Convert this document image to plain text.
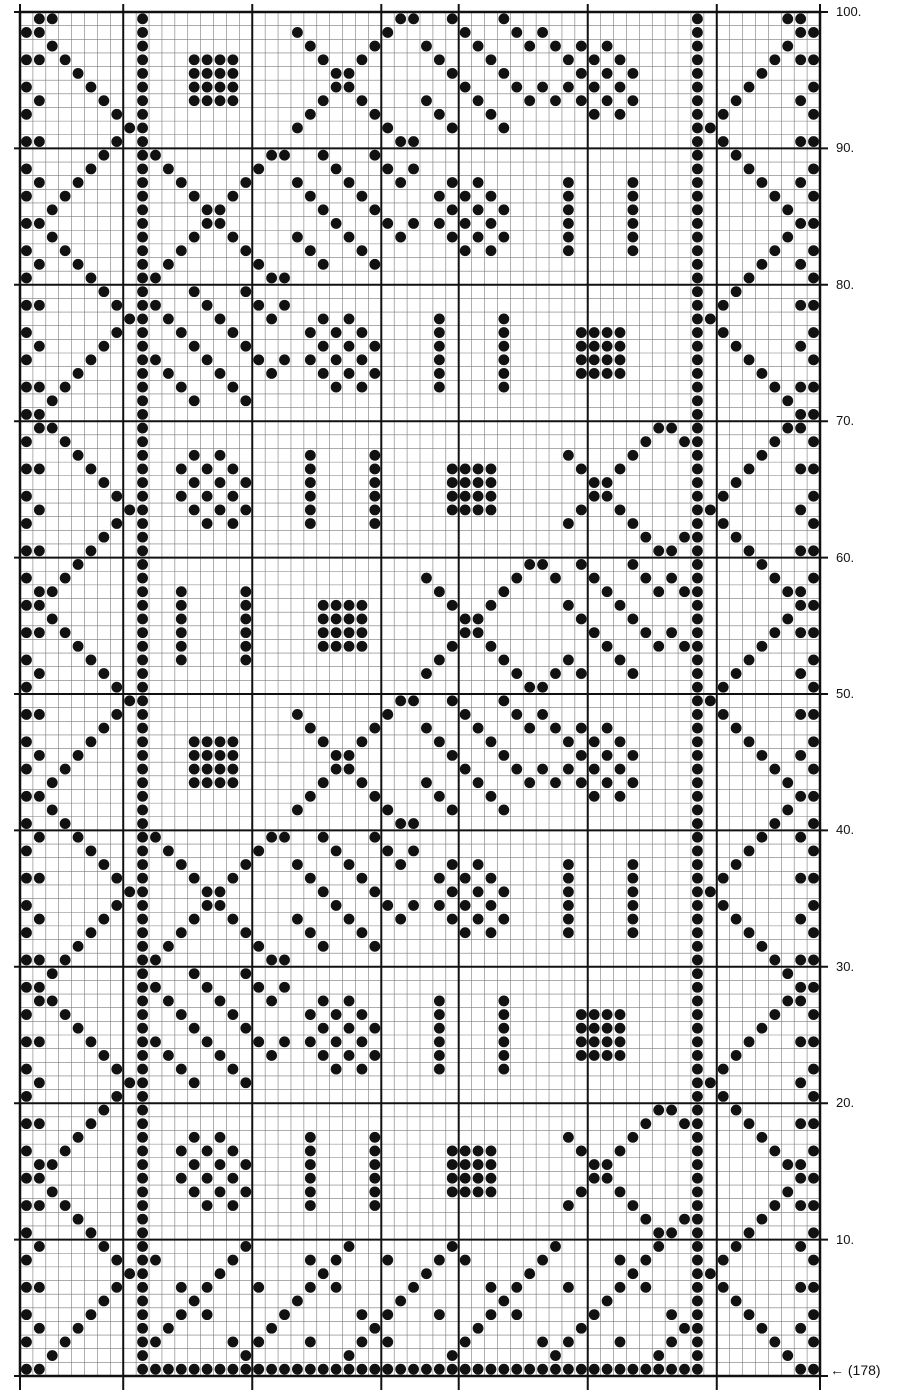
10.
20.
30.
40.
50.
60.
70.
80.
90.
100.
← (178)
